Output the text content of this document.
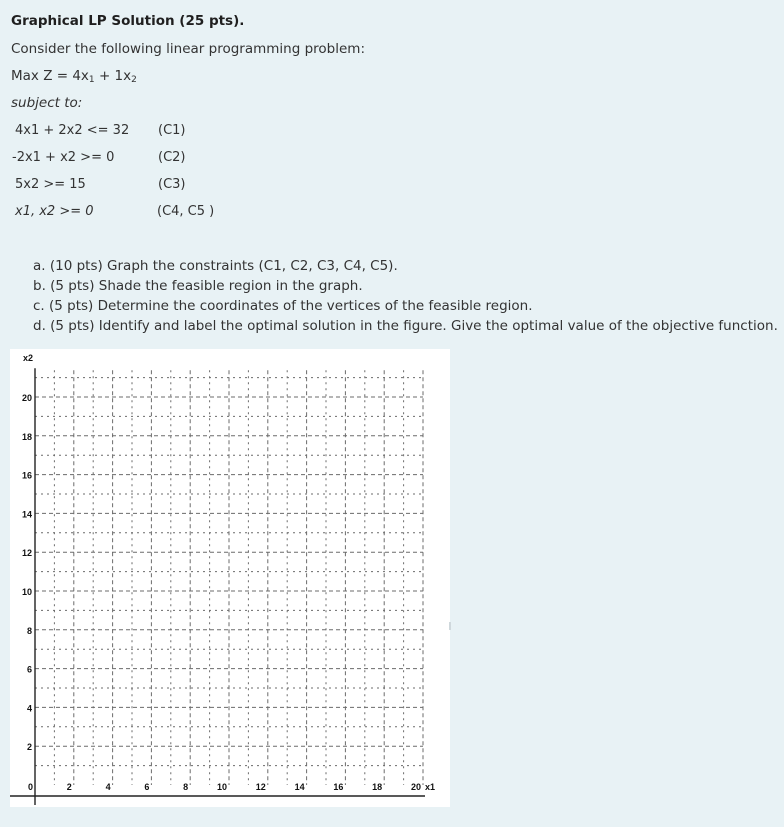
Graphical LP Solution (25 pts).
Consider the following linear programming problem:
Max $Z = 4x_1 + 1x_2$
subject to:
4x1 + 2x2 <= 32 (C1)
-2x1 + x2 >= 0	(C2)
5x2 >= 15	(C3)
x1, x2 >= 0	(C4, C5 )
a. (10 pts) Graph the constraints (C1, C2, C3, C4, C5).
b. (5 pts) Shade the feasible region in the graph.
c. (5 pts) Determine the coordinates of the vertices of the feasible region.
d. (5 pts) Identify and label the optimal solution in the figure. Give the optimal value of the objective function.
2
4
6
8
10
12
14
16
18
20
0	2	4	6	8	10	12	14	16	18	20
x2
x1
